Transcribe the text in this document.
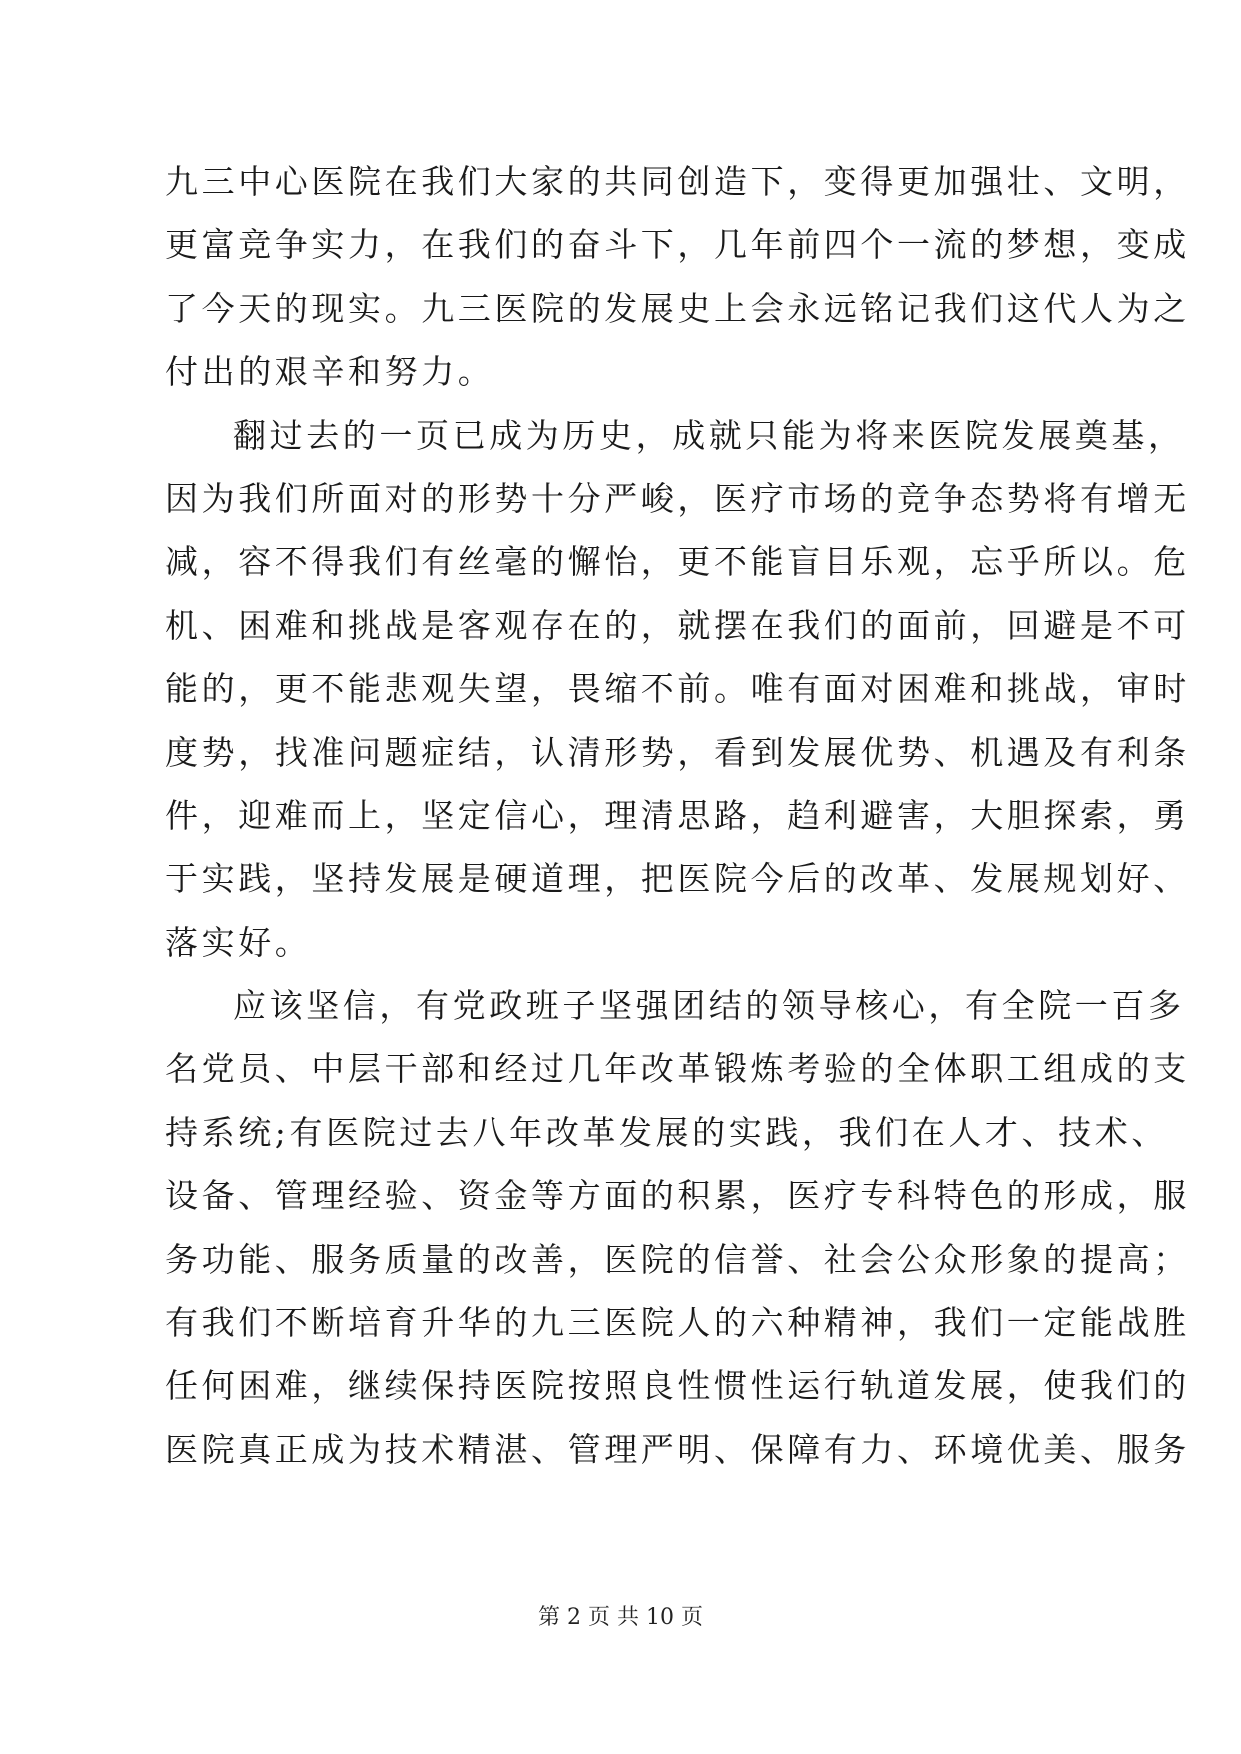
九三中心医院在我们大家的共同创造下，变得更加强壮、文明，
更富竞争实力，在我们的奋斗下，几年前四个一流的梦想，变成
了今天的现实。九三医院的发展史上会永远铭记我们这代人为之
付出的艰辛和努力。
翻过去的一页已成为历史，成就只能为将来医院发展奠基，
因为我们所面对的形势十分严峻，医疗市场的竞争态势将有增无
减，容不得我们有丝毫的懈怡，更不能盲目乐观，忘乎所以。危
机、困难和挑战是客观存在的，就摆在我们的面前，回避是不可
能的，更不能悲观失望，畏缩不前。唯有面对困难和挑战，审时
度势，找准问题症结，认清形势，看到发展优势、机遇及有利条
件，迎难而上，坚定信心，理清思路，趋利避害，大胆探索，勇
于实践，坚持发展是硬道理，把医院今后的改革、发展规划好、
落实好。
应该坚信，有党政班子坚强团结的领导核心，有全院一百多
名党员、中层干部和经过几年改革锻炼考验的全体职工组成的支
持系统;有医院过去八年改革发展的实践，我们在人才、技术、
设备、管理经验、资金等方面的积累，医疗专科特色的形成，服
务功能、服务质量的改善，医院的信誉、社会公众形象的提高；
有我们不断培育升华的九三医院人的六种精神，我们一定能战胜
任何困难，继续保持医院按照良性惯性运行轨道发展，使我们的
医院真正成为技术精湛、管理严明、保障有力、环境优美、服务
第 2 页 共 10 页
